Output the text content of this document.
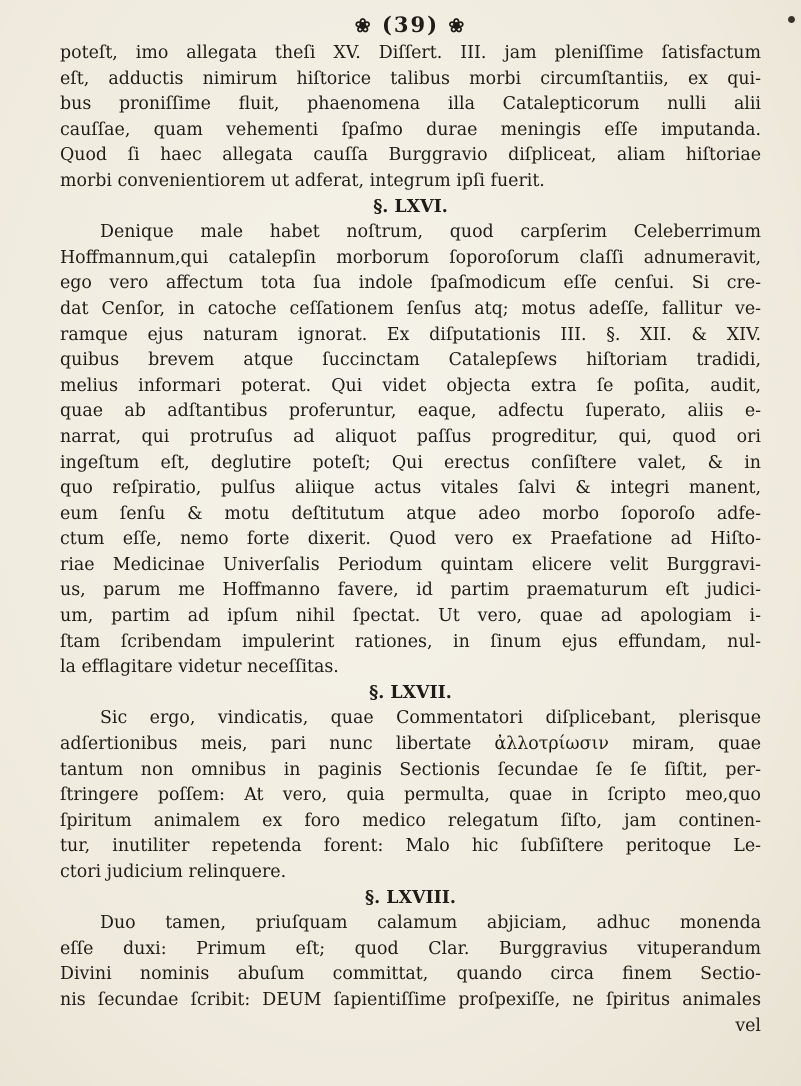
❀ (39) ❀

poteſt, imo allegata theſi XV. Diſſert. III. jam pleniſſime ſatisfactum

eſt, adductis nimirum hiſtorice talibus morbi circumſtantiis, ex qui-

bus proniſſime fluit, phaenomena illa Catalepticorum nulli alii

cauſſae, quam vehementi ſpaſmo durae meningis eſſe imputanda.

Quod ſi haec allegata cauſſa Burggravio diſpliceat, aliam hiſtoriae

morbi convenientiorem ut adferat, integrum ipſi fuerit.

§. LXVI.

Denique male habet noſtrum, quod carpſerim Celeberrimum

Hoffmannum,qui catalepſin morborum ſoporoſorum claſſi adnumeravit,

ego vero affectum tota ſua indole ſpaſmodicum eſſe cenſui. Si cre-

dat Cenſor, in catoche ceſſationem ſenſus atq; motus adeſſe, fallitur ve-

ramque ejus naturam ignorat. Ex diſputationis III. §. XII. & XIV.

quibus brevem atque ſuccinctam Catalepſews hiſtoriam tradidi,

melius informari poterat. Qui videt objecta extra ſe poſita, audit,

quae ab adſtantibus proferuntur, eaque, adfectu ſuperato, aliis e-

narrat, qui protruſus ad aliquot paſſus progreditur, qui, quod ori

ingeſtum eſt, deglutire poteſt; Qui erectus conſiſtere valet, & in

quo reſpiratio, pulſus aliique actus vitales ſalvi & integri manent,

eum ſenſu & motu deſtitutum atque adeo morbo ſoporoſo adfe-

ctum eſſe, nemo forte dixerit. Quod vero ex Praefatione ad Hiſto-

riae Medicinae Univerſalis Periodum quintam elicere velit Burggravi-

us, parum me Hoffmanno favere, id partim praematurum eſt judici-

um, partim ad ipſum nihil ſpectat. Ut vero, quae ad apologiam i-

ſtam ſcribendam impulerint rationes, in ſinum ejus effundam, nul-

la efflagitare videtur neceſſitas.

§. LXVII.

Sic ergo, vindicatis, quae Commentatori diſplicebant, plerisque

adſertionibus meis, pari nunc libertate ἀλλοτρίωσιν miram, quae

tantum non omnibus in paginis Sectionis ſecundae ſe ſe ſiſtit, per-

ſtringere poſſem: At vero, quia permulta, quae in ſcripto meo,quo

ſpiritum animalem ex foro medico relegatum ſiſto, jam continen-

tur, inutiliter repetenda forent: Malo hic ſubſiſtere peritoque Le-

ctori judicium relinquere.

§. LXVIII.

Duo tamen, priuſquam calamum abjiciam, adhuc monenda

eſſe duxi: Primum eſt; quod Clar. Burggravius vituperandum

Divini nominis abuſum committat, quando circa finem Sectio-

nis ſecundae ſcribit: DEUM ſapientiſſime proſpexiſſe, ne ſpiritus animales

vel
